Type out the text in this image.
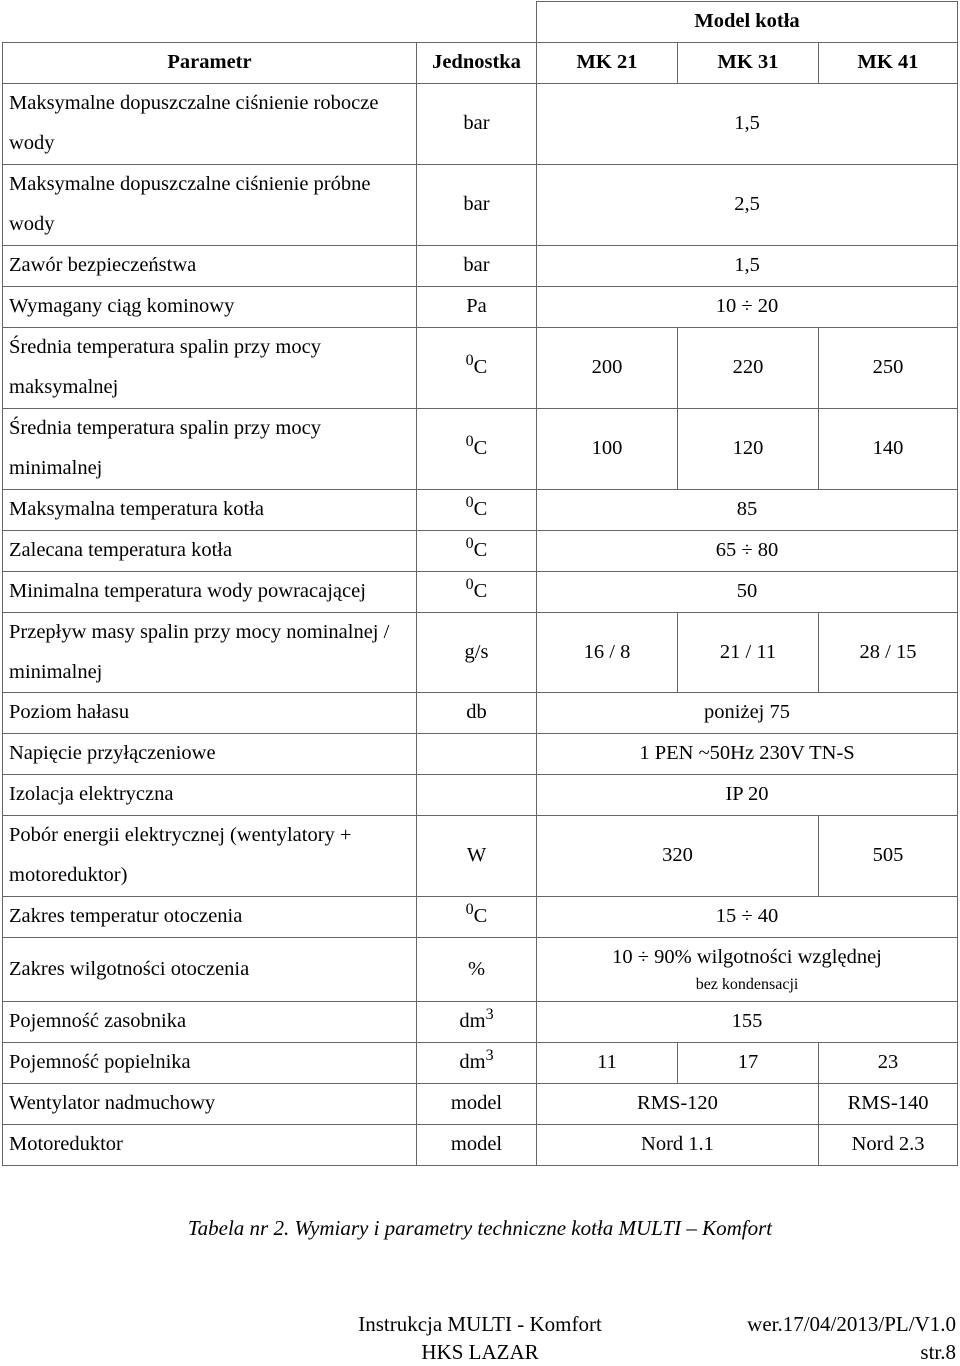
		Model kotła		
Parametr	Jednostka	MK 21	MK 31	MK 41
Maksymalne dopuszczalne ciśnienie robocze wody	bar	1,5		
Maksymalne dopuszczalne ciśnienie próbne wody	bar	2,5		
Zawór bezpieczeństwa	bar	1,5		
Wymagany ciąg kominowy	Pa	10 ÷ 20		
Średnia temperatura spalin przy mocy maksymalnej	$^0$C	200	220	250
Średnia temperatura spalin przy mocy minimalnej	$^0$C	100	120	140
Maksymalna temperatura kotła	$^0$C	85		
Zalecana temperatura kotła	$^0$C	65 ÷ 80		
Minimalna temperatura wody powracającej	$^0$C	50		
Przepływ masy spalin przy mocy nominalnej / minimalnej	g/s	16 / 8	21 / 11	28 / 15
Poziom hałasu	db	poniżej 75		
Napięcie przyłączeniowe		1 PEN ~50Hz 230V TN-S		
Izolacja elektryczna		IP 20		
Pobór energii elektrycznej (wentylatory + motoreduktor)	W	320		505
Zakres temperatur otoczenia	$^0$C	15 ÷ 40		
Zakres wilgotności otoczenia	%	10 ÷ 90% wilgotności względnej
bez kondensacji		

Pojemność zasobnika	$dm^3$	155		
Pojemność popielnika	$dm^3$	11	17	23
Wentylator nadmuchowy	model	RMS-120		RMS-140
Motoreduktor	model	Nord 1.1		Nord 2.3
Tabela nr 2. Wymiary i parametry techniczne kotła MULTI – Komfort
Instrukcja MULTI - Komfort
HKS LAZAR
wer.17/04/2013/PL/V1.0
str.8
